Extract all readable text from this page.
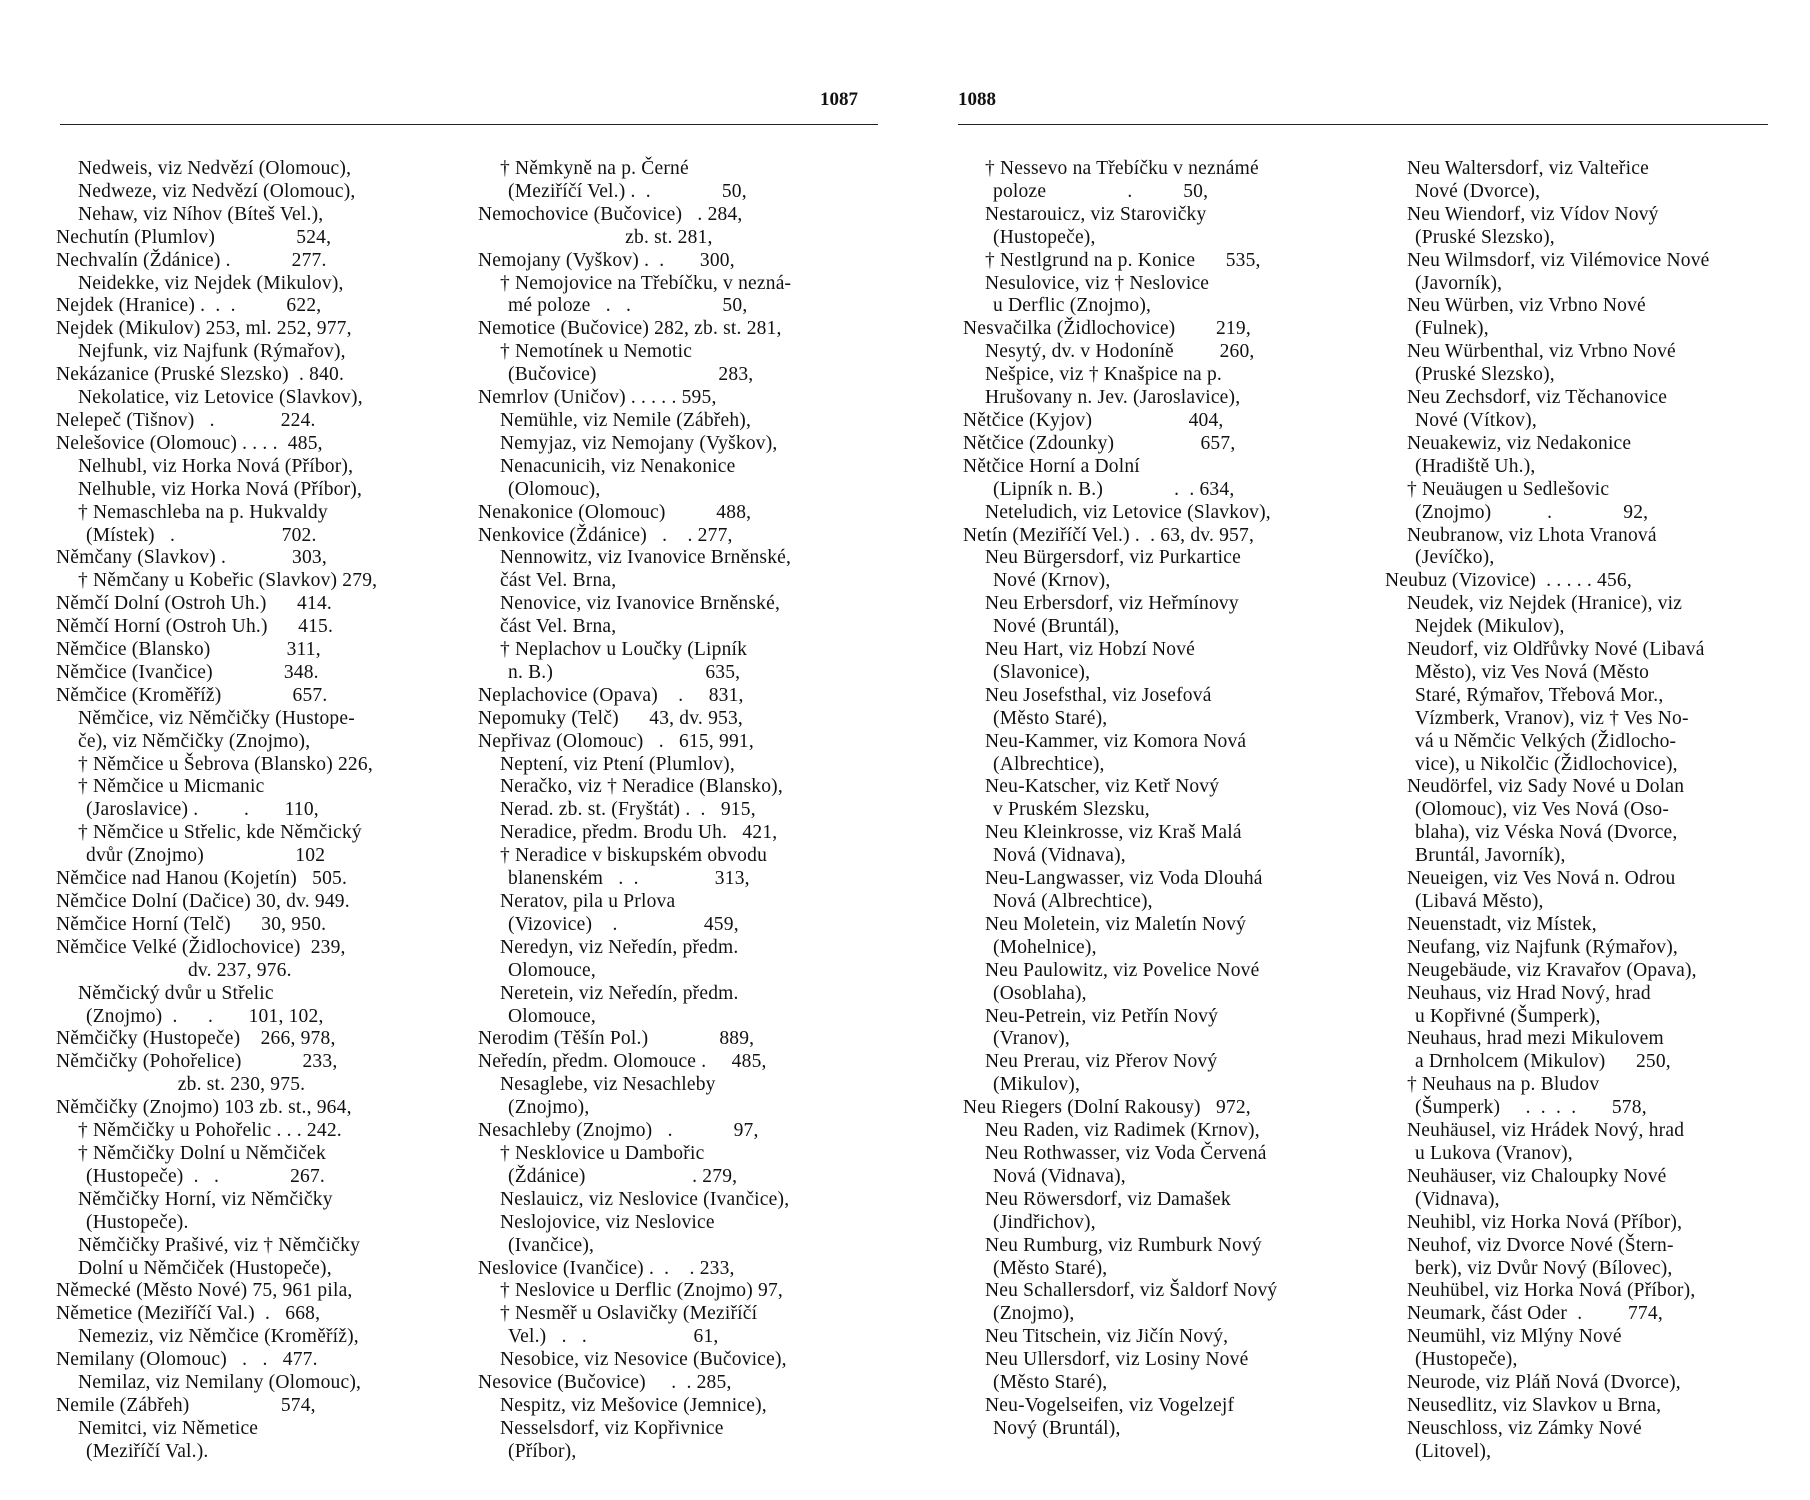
1087	1088
Nedweis, viz Nedvězí (Olomouc),
Nedweze, viz Nedvězí (Olomouc),
Nehaw, viz Níhov (Bíteš Vel.),
Nechutín (Plumlov)                524,
Nechvalín (Ždánice) .            277.
Neidekke, viz Nejdek (Mikulov),
Nejdek (Hranice) .  .  .          622,
Nejdek (Mikulov) 253, ml. 252, 977,
Nejfunk, viz Najfunk (Rýmařov),
Nekázanice (Pruské Slezsko)  . 840.
Nekolatice, viz Letovice (Slavkov),
Nelepeč (Tišnov)   .             224.
Nelešovice (Olomouc) . . . .  485,
Nelhubl, viz Horka Nová (Příbor),
Nelhuble, viz Horka Nová (Příbor),
† Nemaschleba na p. Hukvaldy
(Místek)   .                     702.
Němčany (Slavkov) .             303,
† Němčany u Kobeřic (Slavkov) 279,
Němčí Dolní (Ostroh Uh.)      414.
Němčí Horní (Ostroh Uh.)      415.
Němčice (Blansko)               311,
Němčice (Ivančice)              348.
Němčice (Kroměříž)              657.
Němčice, viz Němčičky (Hustope-
če), viz Němčičky (Znojmo),
† Němčice u Šebrova (Blansko) 226,
† Němčice u Micmanic
(Jaroslavice) .         .       110,
† Němčice u Střelic, kde Němčický
dvůr (Znojmo)                  102
Němčice nad Hanou (Kojetín)   505.
Němčice Dolní (Dačice) 30, dv. 949.
Němčice Horní (Telč)      30, 950.
Němčice Velké (Židlochovice)  239,
dv. 237, 976.
Němčický dvůr u Střelic
(Znojmo)  .      .       101, 102,
Němčičky (Hustopeče)    266, 978,
Němčičky (Pohořelice)            233,
zb. st. 230, 975.
Němčičky (Znojmo) 103 zb. st., 964,
† Němčičky u Pohořelic . . . 242.
† Němčičky Dolní u Němčiček
(Hustopeče)  .   .              267.
Němčičky Horní, viz Němčičky
(Hustopeče).
Němčičky Prašivé, viz † Němčičky
Dolní u Němčiček (Hustopeče),
Německé (Město Nové) 75, 961 pila,
Němetice (Meziříčí Val.)  .   668,
Nemeziz, viz Němčice (Kroměříž),
Nemilany (Olomouc)   .   .   477.
Nemilaz, viz Nemilany (Olomouc),
Nemile (Zábřeh)                  574,
Nemitci, viz Němetice
(Meziříčí Val.).
† Němkyně na p. Černé
(Meziříčí Vel.) .  .              50,
Nemochovice (Bučovice)   . 284,
zb. st. 281,
Nemojany (Vyškov) .  .       300,
† Nemojovice na Třebíčku, v nezná-
mé poloze   .   .                  50,
Nemotice (Bučovice) 282, zb. st. 281,
† Nemotínek u Nemotic
(Bučovice)                        283,
Nemrlov (Uničov) . . . . . 595,
Nemühle, viz Nemile (Zábřeh),
Nemyjaz, viz Nemojany (Vyškov),
Nenacunicih, viz Nenakonice
(Olomouc),
Nenakonice (Olomouc)          488,
Nenkovice (Ždánice)   .    . 277,
Nennowitz, viz Ivanovice Brněnské,
část Vel. Brna,
Nenovice, viz Ivanovice Brněnské,
část Vel. Brna,
† Neplachov u Loučky (Lipník
n. B.)                              635,
Neplachovice (Opava)    .     831,
Nepomuky (Telč)      43, dv. 953,
Nepřivaz (Olomouc)   .   615, 991,
Neptení, viz Ptení (Plumlov),
Neračko, viz † Neradice (Blansko),
Nerad. zb. st. (Fryštát) .  .   915,
Neradice, předm. Brodu Uh.   421,
† Neradice v biskupském obvodu
blanenském   .  .               313,
Neratov, pila u Prlova
(Vizovice)    .                 459,
Neredyn, viz Neředín, předm.
Olomouce,
Neretein, viz Neředín, předm.
Olomouce,
Nerodim (Těšín Pol.)              889,
Neředín, předm. Olomouce .     485,
Nesaglebe, viz Nesachleby
(Znojmo),
Nesachleby (Znojmo)   .            97,
† Nesklovice u Dambořic
(Ždánice)                     . 279,
Neslauicz, viz Neslovice (Ivančice),
Neslojovice, viz Neslovice
(Ivančice),
Neslovice (Ivančice) .  .    . 233,
† Neslovice u Derflic (Znojmo) 97,
† Nesměř u Oslavičky (Meziříčí
Vel.)   .   .                     61,
Nesobice, viz Nesovice (Bučovice),
Nesovice (Bučovice)     .  . 285,
Nespitz, viz Mešovice (Jemnice),
Nesselsdorf, viz Kopřivnice
(Příbor),
† Nessevo na Třebíčku v neznámé
poloze                .          50,
Nestarouicz, viz Starovičky
(Hustopeče),
† Nestlgrund na p. Konice      535,
Nesulovice, viz † Neslovice
u Derflic (Znojmo),
Nesvačilka (Židlochovice)        219,
Nesytý, dv. v Hodoníně         260,
Nešpice, viz † Knašpice na p.
Hrušovany n. Jev. (Jaroslavice),
Nětčice (Kyjov)                   404,
Nětčice (Zdounky)                 657,
Nětčice Horní a Dolní
(Lipník n. B.)              .  . 634,
Neteludich, viz Letovice (Slavkov),
Netín (Meziříčí Vel.) .  . 63, dv. 957,
Neu Bürgersdorf, viz Purkartice
Nové (Krnov),
Neu Erbersdorf, viz Heřmínovy
Nové (Bruntál),
Neu Hart, viz Hobzí Nové
(Slavonice),
Neu Josefsthal, viz Josefová
(Město Staré),
Neu-Kammer, viz Komora Nová
(Albrechtice),
Neu-Katscher, viz Ketř Nový
v Pruském Slezsku,
Neu Kleinkrosse, viz Kraš Malá
Nová (Vidnava),
Neu-Langwasser, viz Voda Dlouhá
Nová (Albrechtice),
Neu Moletein, viz Maletín Nový
(Mohelnice),
Neu Paulowitz, viz Povelice Nové
(Osoblaha),
Neu-Petrein, viz Petřín Nový
(Vranov),
Neu Prerau, viz Přerov Nový
(Mikulov),
Neu Riegers (Dolní Rakousy)   972,
Neu Raden, viz Radimek (Krnov),
Neu Rothwasser, viz Voda Červená
Nová (Vidnava),
Neu Röwersdorf, viz Damašek
(Jindřichov),
Neu Rumburg, viz Rumburk Nový
(Město Staré),
Neu Schallersdorf, viz Šaldorf Nový
(Znojmo),
Neu Titschein, viz Jičín Nový,
Neu Ullersdorf, viz Losiny Nové
(Město Staré),
Neu-Vogelseifen, viz Vogelzejf
Nový (Bruntál),
Neu Waltersdorf, viz Valteřice
Nové (Dvorce),
Neu Wiendorf, viz Vídov Nový
(Pruské Slezsko),
Neu Wilmsdorf, viz Vilémovice Nové
(Javorník),
Neu Würben, viz Vrbno Nové
(Fulnek),
Neu Würbenthal, viz Vrbno Nové
(Pruské Slezsko),
Neu Zechsdorf, viz Těchanovice
Nové (Vítkov),
Neuakewiz, viz Nedakonice
(Hradiště Uh.),
† Neuäugen u Sedlešovic
(Znojmo)           .              92,
Neubranow, viz Lhota Vranová
(Jevíčko),
Neubuz (Vizovice)  . . . . . 456,
Neudek, viz Nejdek (Hranice), viz
Nejdek (Mikulov),
Neudorf, viz Oldřůvky Nové (Libavá
Město), viz Ves Nová (Město
Staré, Rýmařov, Třebová Mor.,
Vízmberk, Vranov), viz † Ves No-
vá u Němčic Velkých (Židlocho-
vice), u Nikolčic (Židlochovice),
Neudörfel, viz Sady Nové u Dolan
(Olomouc), viz Ves Nová (Oso-
blaha), viz Véska Nová (Dvorce,
Bruntál, Javorník),
Neueigen, viz Ves Nová n. Odrou
(Libavá Město),
Neuenstadt, viz Místek,
Neufang, viz Najfunk (Rýmařov),
Neugebäude, viz Kravařov (Opava),
Neuhaus, viz Hrad Nový, hrad
u Kopřivné (Šumperk),
Neuhaus, hrad mezi Mikulovem
a Drnholcem (Mikulov)      250,
† Neuhaus na p. Bludov
(Šumperk)     .  .  .  .       578,
Neuhäusel, viz Hrádek Nový, hrad
u Lukova (Vranov),
Neuhäuser, viz Chaloupky Nové
(Vidnava),
Neuhibl, viz Horka Nová (Příbor),
Neuhof, viz Dvorce Nové (Štern-
berk), viz Dvůr Nový (Bílovec),
Neuhübel, viz Horka Nová (Příbor),
Neumark, část Oder  .         774,
Neumühl, viz Mlýny Nové
(Hustopeče),
Neurode, viz Pláň Nová (Dvorce),
Neusedlitz, viz Slavkov u Brna,
Neuschloss, viz Zámky Nové
(Litovel),
